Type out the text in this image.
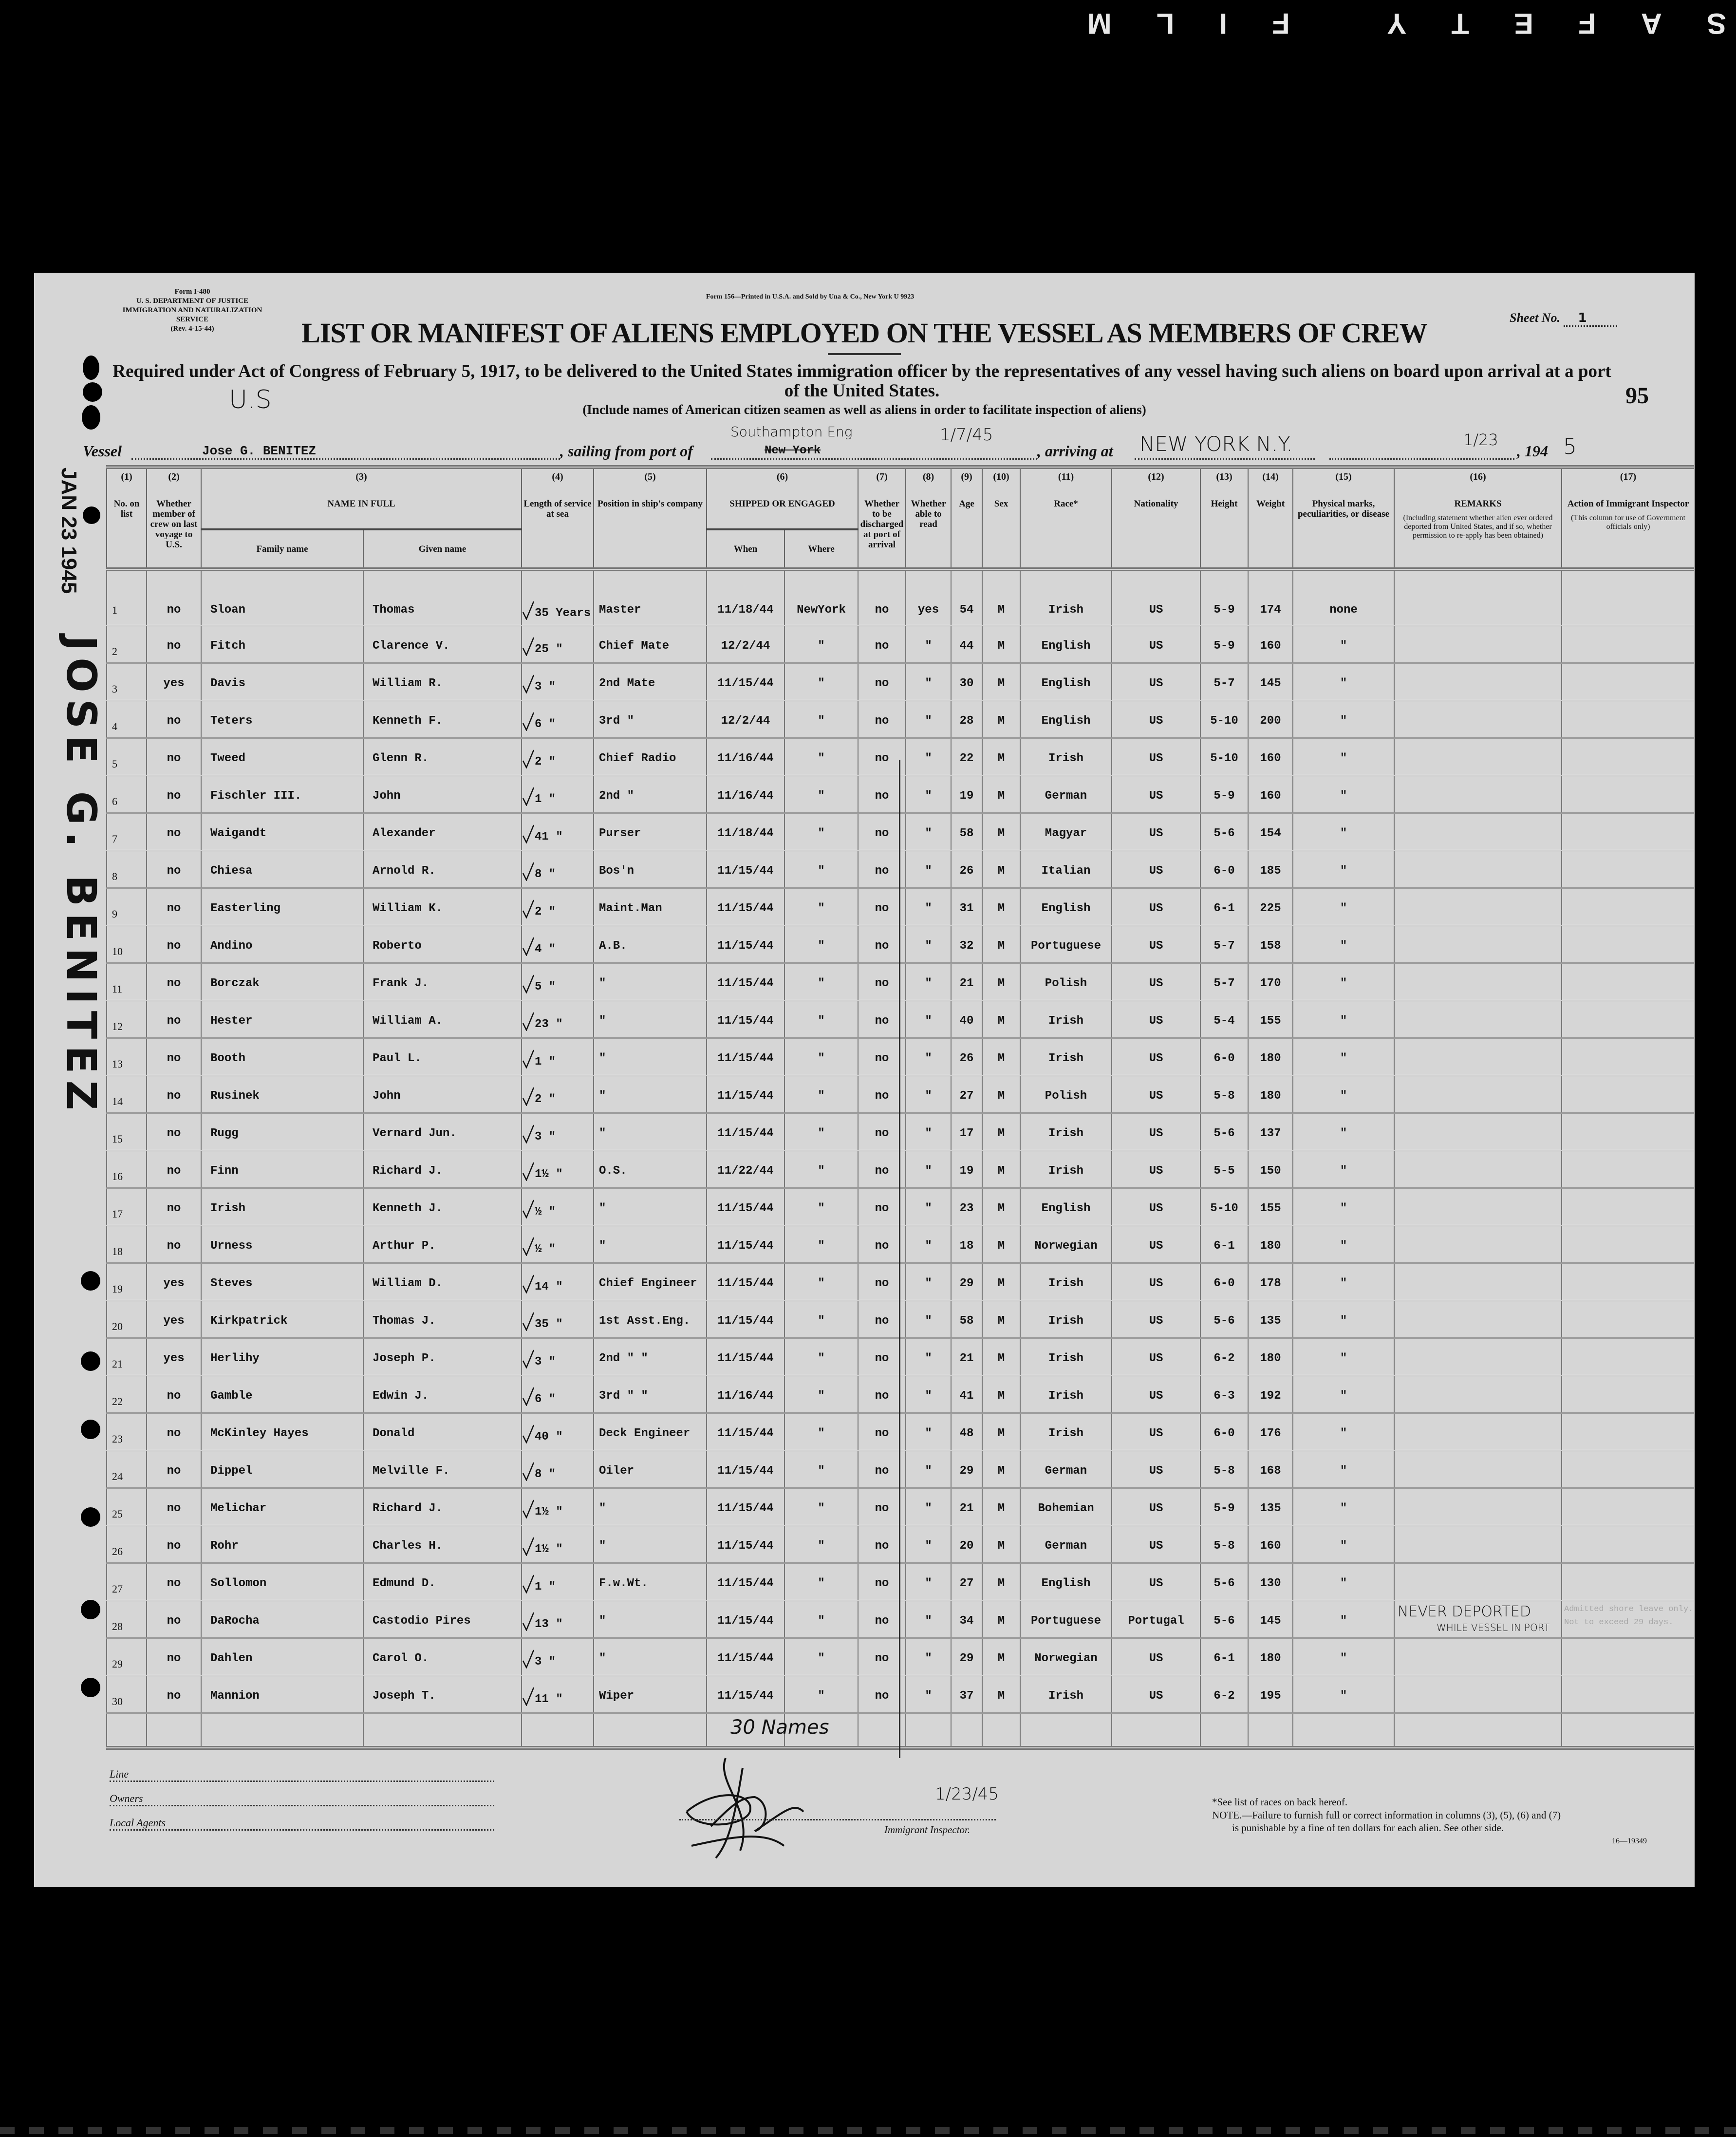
SAFETY FILM
JAN 23 1945
JOSE G. BENITEZ
Form I-480
U. S. DEPARTMENT OF JUSTICE
IMMIGRATION AND NATURALIZATION SERVICE
(Rev. 4-15-44)
Form 156—Printed in U.S.A. and Sold by Una & Co., New York U 9923
Sheet No. 1
LIST OR MANIFEST OF ALIENS EMPLOYED ON THE VESSEL AS MEMBERS OF CREW
Required under Act of Congress of February 5, 1917, to be delivered to the United States immigration officer by the representatives of any vessel having such aliens on board upon arrival at a port of the United States.	95
U.S	(Include names of American citizen seamen as well as aliens in order to facilitate inspection of aliens)
Vessel	Jose G. BENITEZ	, sailing from port of	New York
Southampton Eng	1/7/45
, arriving at NEW YORK N.Y.	1/23
, 194 5
(1)
No. on list	(2)
Whether member of crew on last voyage to U.S.	(3)
NAME IN FULL		(4)
Length of service at sea	(5)
Position in ship's company	(6)
SHIPPED OR ENGAGED		(7)
Whether to be discharged at port of arrival	(8)
Whether able to read	(9)
Age	(10)
Sex	(11)
Race*	(12)
Nationality	(13)
Height	(14)
Weight	(15)
Physical marks, peculiarities, or disease	(16)
REMARKS
(Including statement whether alien ever ordered deported from United States, and if so, whether permission to re-apply has been obtained)	(17)
Action of Immigrant Inspector
(This column for use of Government officials only)

		Family name	Given name			When	Where											
1	no	Sloan	Thomas	35 Years	Master	11/18/44	NewYork	no	yes	54	M	Irish	US	5-9	174	none		
2	no	Fitch	Clarence V.	25 "	Chief Mate	12/2/44	"	no	"	44	M	English	US	5-9	160	"		
3	yes	Davis	William R.	3 "	2nd Mate	11/15/44	"	no	"	30	M	English	US	5-7	145	"		
4	no	Teters	Kenneth F.	6 "	3rd "	12/2/44	"	no	"	28	M	English	US	5-10	200	"		
5	no	Tweed	Glenn R.	2 "	Chief Radio	11/16/44	"	no	"	22	M	Irish	US	5-10	160	"		
6	no	Fischler III.	John	1 "	2nd "	11/16/44	"	no	"	19	M	German	US	5-9	160	"		
7	no	Waigandt	Alexander	41 "	Purser	11/18/44	"	no	"	58	M	Magyar	US	5-6	154	"		
8	no	Chiesa	Arnold R.	8 "	Bos'n	11/15/44	"	no	"	26	M	Italian	US	6-0	185	"		
9	no	Easterling	William K.	2 "	Maint.Man	11/15/44	"	no	"	31	M	English	US	6-1	225	"		
10	no	Andino	Roberto	4 "	A.B.	11/15/44	"	no	"	32	M	Portuguese	US	5-7	158	"		
11	no	Borczak	Frank J.	5 "	"	11/15/44	"	no	"	21	M	Polish	US	5-7	170	"		
12	no	Hester	William A.	23 "	"	11/15/44	"	no	"	40	M	Irish	US	5-4	155	"		
13	no	Booth	Paul L.	1 "	"	11/15/44	"	no	"	26	M	Irish	US	6-0	180	"		
14	no	Rusinek	John	2 "	"	11/15/44	"	no	"	27	M	Polish	US	5-8	180	"		
15	no	Rugg	Vernard Jun.	3 "	"	11/15/44	"	no	"	17	M	Irish	US	5-6	137	"		
16	no	Finn	Richard J.	1½ "	O.S.	11/22/44	"	no	"	19	M	Irish	US	5-5	150	"		
17	no	Irish	Kenneth J.	½ "	"	11/15/44	"	no	"	23	M	English	US	5-10	155	"		
18	no	Urness	Arthur P.	½ "	"	11/15/44	"	no	"	18	M	Norwegian	US	6-1	180	"		
19	yes	Steves	William D.	14 "	Chief Engineer	11/15/44	"	no	"	29	M	Irish	US	6-0	178	"		
20	yes	Kirkpatrick	Thomas J.	35 "	1st Asst.Eng.	11/15/44	"	no	"	58	M	Irish	US	5-6	135	"		
21	yes	Herlihy	Joseph P.	3 "	2nd " "	11/15/44	"	no	"	21	M	Irish	US	6-2	180	"		
22	no	Gamble	Edwin J.	6 "	3rd " "	11/16/44	"	no	"	41	M	Irish	US	6-3	192	"		
23	no	McKinley Hayes	Donald	40 "	Deck Engineer	11/15/44	"	no	"	48	M	Irish	US	6-0	176	"		
24	no	Dippel	Melville F.	8 "	Oiler	11/15/44	"	no	"	29	M	German	US	5-8	168	"		
25	no	Melichar	Richard J.	1½ "	"	11/15/44	"	no	"	21	M	Bohemian	US	5-9	135	"		
26	no	Rohr	Charles H.	1½ "	"	11/15/44	"	no	"	20	M	German	US	5-8	160	"		
27	no	Sollomon	Edmund D.	1 "	F.w.Wt.	11/15/44	"	no	"	27	M	English	US	5-6	130	"		
28	no	DaRocha	Castodio Pires	13 "	"	11/15/44	"	no	"	34	M	Portuguese	Portugal	5-6	145	"		
29	no	Dahlen	Carol O.	3 "	"	11/15/44	"	no	"	29	M	Norwegian	US	6-1	180	"		
30	no	Mannion	Joseph T.	11 "	Wiper	11/15/44	"	no	"	37	M	Irish	US	6-2	195	"		

NEVER DEPORTED
WHILE VESSEL IN PORT
Admitted shore leave only.
Not to exceed 29 days.
30 Names
Line
Owners
Local Agents
Immigrant Inspector.
1/23/45	*See list of races on back hereof.
NOTE.—Failure to furnish full or correct information in columns (3), (5), (6) and (7)
is punishable by a fine of ten dollars for each alien. See other side.
16—19349
